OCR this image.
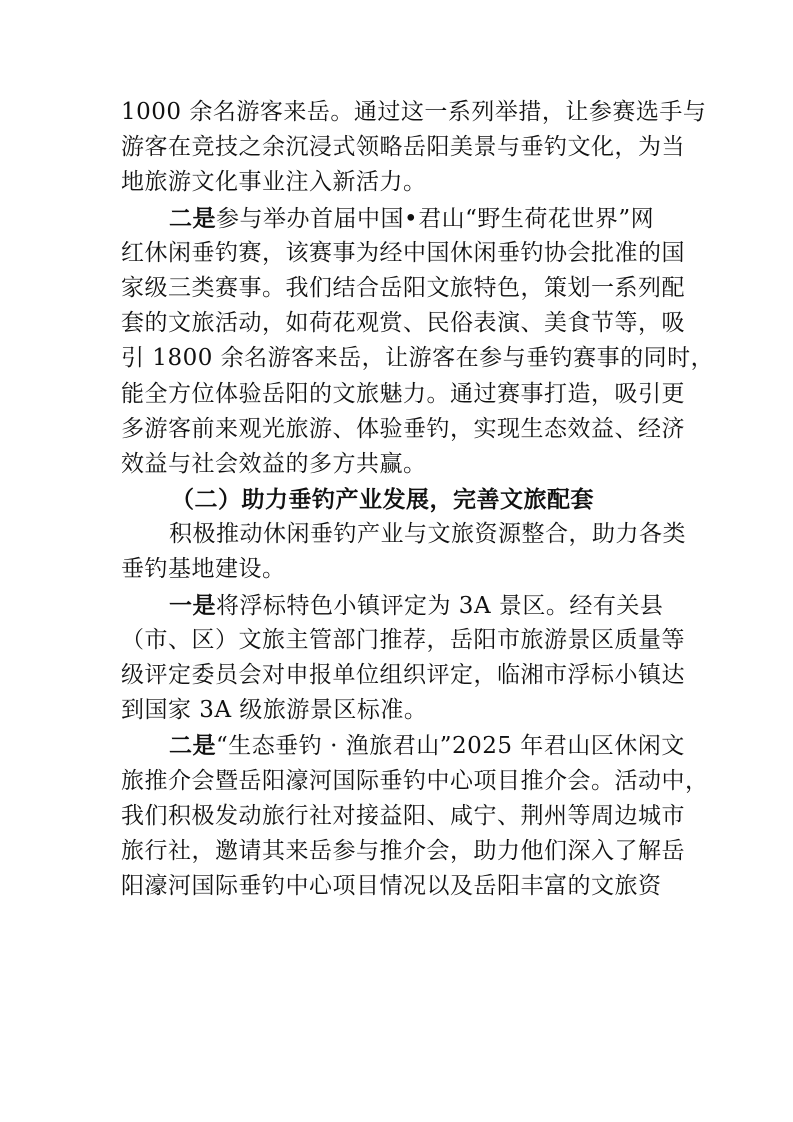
1000 余名游客来岳。通过这一系列举措，让参赛选手与
游客在竞技之余沉浸式领略岳阳美景与垂钓文化，为当
地旅游文化事业注入新活力。
二是参与举办首届中国•君山“野生荷花世界”网
红休闲垂钓赛，该赛事为经中国休闲垂钓协会批准的国
家级三类赛事。我们结合岳阳文旅特色，策划一系列配
套的文旅活动，如荷花观赏、民俗表演、美食节等，吸
引 1800 余名游客来岳，让游客在参与垂钓赛事的同时，
能全方位体验岳阳的文旅魅力。通过赛事打造，吸引更
多游客前来观光旅游、体验垂钓，实现生态效益、经济
效益与社会效益的多方共赢。
（二）助力垂钓产业发展，完善文旅配套
积极推动休闲垂钓产业与文旅资源整合，助力各类
垂钓基地建设。
一是将浮标特色小镇评定为 3A 景区。经有关县
（市、区）文旅主管部门推荐，岳阳市旅游景区质量等
级评定委员会对申报单位组织评定，临湘市浮标小镇达
到国家 3A 级旅游景区标准。
二是“生态垂钓 · 渔旅君山”2025 年君山区休闲文
旅推介会暨岳阳濠河国际垂钓中心项目推介会。活动中，
我们积极发动旅行社对接益阳、咸宁、荆州等周边城市
旅行社，邀请其来岳参与推介会，助力他们深入了解岳
阳濠河国际垂钓中心项目情况以及岳阳丰富的文旅资
